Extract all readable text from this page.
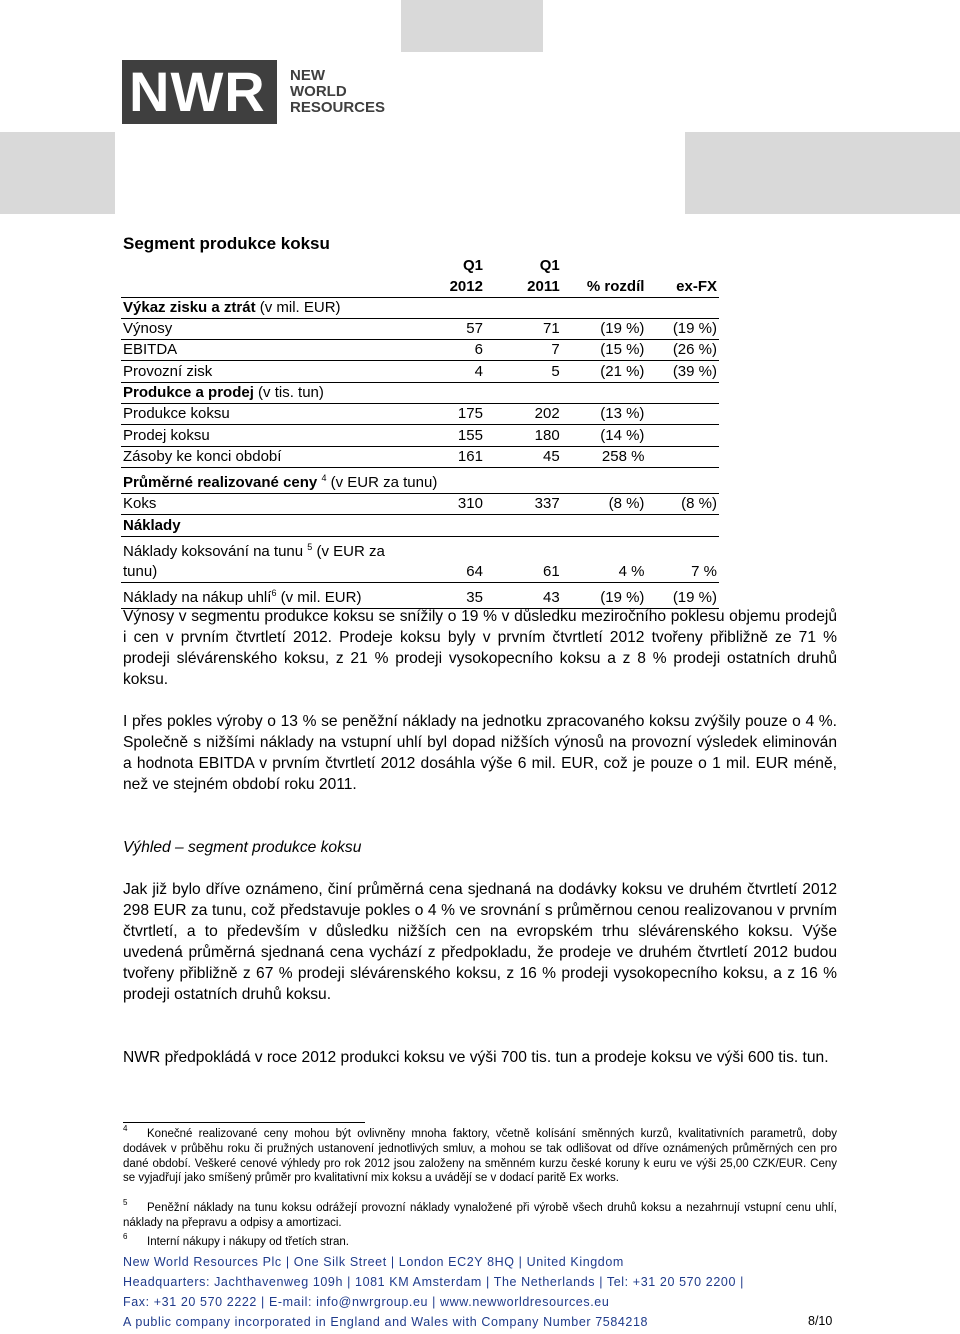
NWR NEW
WORLD
RESOURCES
Segment produkce koksu
	Q1	Q1		
	2012	2011	% rozdíl	ex-FX
Výkaz zisku a ztrát (v mil. EUR)				
Výnosy	57	71	(19 %)	(19 %)
EBITDA	6	7	(15 %)	(26 %)
Provozní zisk	4	5	(21 %)	(39 %)
Produkce a prodej (v tis. tun)				
Produkce koksu	175	202	(13 %)	
Prodej koksu	155	180	(14 %)	
Zásoby ke konci období	161	45	258 %	
Průměrné realizované ceny $^4$ (v EUR za tunu)				
Koks	310	337	(8 %)	(8 %)
Náklady				
Náklady koksování na tunu $^5$ (v EUR za				
tunu)	64	61	4 %	7 %
Náklady na nákup uhlí$^6$ (v mil. EUR)	35	43	(19 %)	(19 %)

Výnosy v segmentu produkce koksu se snížily o 19 % v důsledku meziročního poklesu objemu prodejů i cen v prvním čtvrtletí 2012. Prodeje koksu byly v prvním čtvrtletí 2012 tvořeny přibližně ze 71 % prodeji slévárenského koksu, z 21 % prodeji vysokopecního koksu a z 8 % prodeji ostatních druhů koksu.

I přes pokles výroby o 13 % se peněžní náklady na jednotku zpracovaného koksu zvýšily pouze o 4 %. Společně s nižšími náklady na vstupní uhlí byl dopad nižších výnosů na provozní výsledek eliminován a hodnota EBITDA v prvním čtvrtletí 2012 dosáhla výše 6 mil. EUR, což je pouze o 1 mil. EUR méně, než ve stejném období roku 2011.

Výhled – segment produkce koksu

Jak již bylo dříve oznámeno, činí průměrná cena sjednaná na dodávky koksu ve druhém čtvrtletí 2012 298 EUR za tunu, což představuje pokles o 4 % ve srovnání s průměrnou cenou realizovanou v prvním čtvrtletí, a to především v důsledku nižších cen na evropském trhu slévárenského koksu. Výše uvedená průměrná sjednaná cena vychází z předpokladu, že prodeje ve druhém čtvrtletí 2012 budou tvořeny přibližně z 67 % prodeji slévárenského koksu, z 16 % prodeji vysokopecního koksu, a z 16 % prodeji ostatních druhů koksu.

NWR předpokládá v roce 2012 produkci koksu ve výši 700 tis. tun a prodeje koksu ve výši 600 tis. tun.

4	Konečné realizované ceny mohou být ovlivněny mnoha faktory, včetně kolísání směnných kurzů, kvalitativních parametrů, doby dodávek v průběhu roku či pružných ustanovení jednotlivých smluv, a mohou se tak odlišovat od dříve oznámených průměrných cen pro dané období. Veškeré cenové výhledy pro rok 2012 jsou založeny na směnném kurzu české koruny k euru ve výši 25,00 CZK/EUR. Ceny se vyjadřují jako smíšený průměr pro kvalitativní mix koksu a uvádějí se v dodací paritě Ex works.
5	Peněžní náklady na tunu koksu odrážejí provozní náklady vynaložené při výrobě všech druhů koksu a nezahrnují vstupní cenu uhlí, náklady na přepravu a odpisy a amortizaci.
6	Interní nákupy i nákupy od třetích stran.

New World Resources Plc | One Silk Street | London EC2Y 8HQ | United Kingdom

Headquarters: Jachthavenweg 109h | 1081 KM Amsterdam | The Netherlands | Tel: +31 20 570 2200 |

Fax: +31 20 570 2222 | E-mail: info@nwrgroup.eu | www.newworldresources.eu

A public company incorporated in England and Wales with Company Number 7584218	8/10
